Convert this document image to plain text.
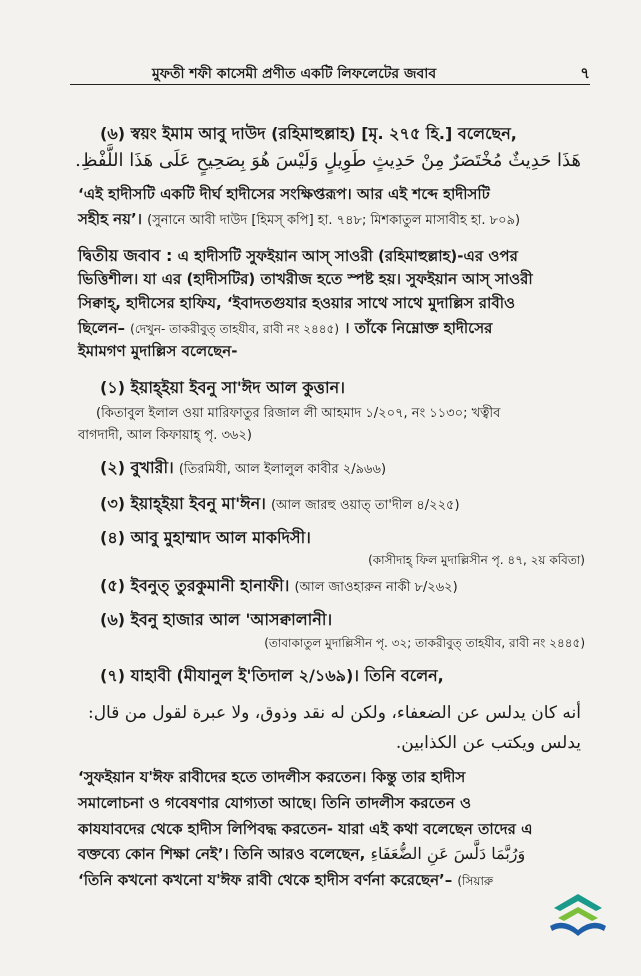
মুফতী শফী কাসেমী প্রণীত একটি লিফলেটের জবাব	৭
(৬) স্বয়ং ইমাম আবু দাউদ (রহিমাহুল্লাহ) [মৃ. ২৭৫ হি.] বলেছেন,
هَذَا حَدِيثٌ مُخْتَصَرٌ مِنْ حَدِيثٍ طَوِيلٍ وَلَيْسَ هُوَ بِصَحِيحٍ عَلَى هَذَا اللَّفْظِ.
‘এই হাদীসটি একটি দীর্ঘ হাদীসের সংক্ষিপ্তরূপ। আর এই শব্দে হাদীসটি
সহীহ নয়’। (সুনানে আবী দাউদ [হিমস্ কপি] হা. ৭৪৮; মিশকাতুল মাসাবীহ হা. ৮০৯)
দ্বিতীয় জবাব : এ হাদীসটি সুফইয়ান আস্ সাওরী (রহিমাহুল্লাহ)-এর ওপর
ভিত্তিশীল। যা এর (হাদীসটির) তাখরীজ হতে স্পষ্ট হয়। সুফইয়ান আস্ সাওরী
সিক্বাহ্, হাদীসের হাফিয, ‘ইবাদতগুযার হওয়ার সাথে সাথে মুদাল্লিস রাবীও
ছিলেন– (দেখুন- তাকরীবুত্ তাহযীব, রাবী নং ২৪৪৫) । তাঁকে নিম্নোক্ত হাদীসের
ইমামগণ মুদাল্লিস বলেছেন-
(১) ইয়াহ্ইয়া ইবনু সা'ঈদ আল কুত্তান।
(কিতাবুল ইলাল ওয়া মারিফাতুর রিজাল লী আহমাদ ১/২০৭, নং ১১৩০; খত্বীব
বাগদাদী, আল কিফায়াহ্ পৃ. ৩৬২)
(২) বুখারী। (তিরমিযী, আল ইলালুল কাবীর ২/৯৬৬)
(৩) ইয়াহ্ইয়া ইবনু মা'ঈন। (আল জারহু ওয়াত্ তা'দীল ৪/২২৫)
(৪) আবু মুহাম্মাদ আল মাকদিসী।
(কাসীদাহ্ ফিল মুদাল্লিসীন পৃ. ৪৭, ২য় কবিতা)
(৫) ইবনুত্ তুরকুমানী হানাফী। (আল জাওহারুন নাকী ৮/২৬২)
(৬) ইবনু হাজার আল 'আসক্বালানী।
(তাবাকাতুল মুদাল্লিসীন পৃ. ৩২; তাকরীবুত্ তাহযীব, রাবী নং ২৪৪৫)
(৭) যাহাবী (মীযানুল ই'তিদাল ২/১৬৯)। তিনি বলেন,
أنه كان يدلس عن الضعفاء، ولكن له نقد وذوق، ولا عبرة لقول من قال:
يدلس ويكتب عن الكذابين.
‘সুফইয়ান য'ঈফ রাবীদের হতে তাদলীস করতেন। কিন্তু তার হাদীস
সমালোচনা ও গবেষণার যোগ্যতা আছে। তিনি তাদলীস করতেন ও
কাযযাবদের থেকে হাদীস লিপিবদ্ধ করতেন- যারা এই কথা বলেছেন তাদের এ
বক্তব্যে কোন শিক্ষা নেই’। তিনি আরও বলেছেন, وَرُبَّمَا دَلَّسَ عَنِ الضُّعَفَاءِ
‘তিনি কখনো কখনো য'ঈফ রাবী থেকে হাদীস বর্ণনা করেছেন’– (সিয়ারু
